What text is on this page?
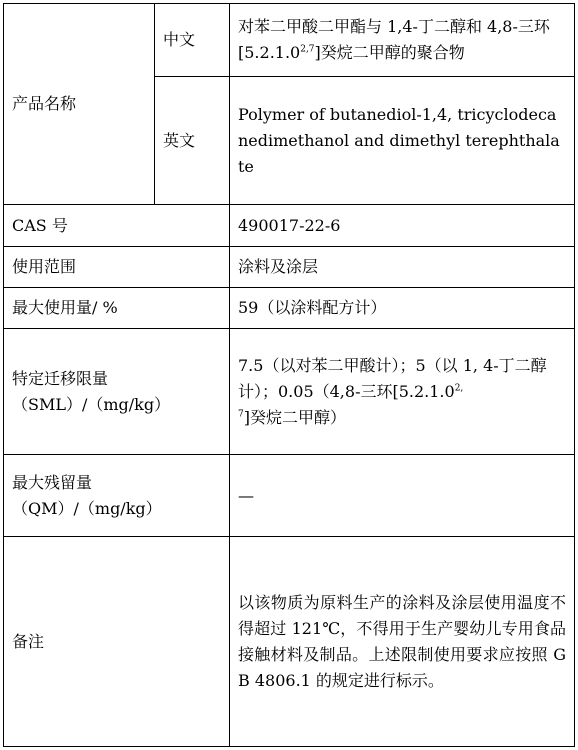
产品名称	中文	对苯二甲酸二甲酯与 1,4-丁二醇和 4,8-三环[5.2.1.0$^{2,7}$]癸烷二甲醇的聚合物
	英文	Polymer of butanediol-1,4, tricyclodecanedimethanol and dimethyl terephthalate
CAS 号		490017-22-6
使用范围		涂料及涂层
最大使用量/ %		59（以涂料配方计）

特定迁移限量
（SML）/（mg/kg）		7.5（以对苯二甲酸计）；5（以 1, 4-丁二醇计）；0.05（4,8-三环[5.2.1.0$^{2,7}$]癸烷二甲醇）

最大残留量
（QM）/（mg/kg）		—
备注		以该物质为原料生产的涂料及涂层使用温度不得超过 121℃，不得用于生产婴幼儿专用食品接触材料及制品。上述限制使用要求应按照 GB 4806.1 的规定进行标示。
